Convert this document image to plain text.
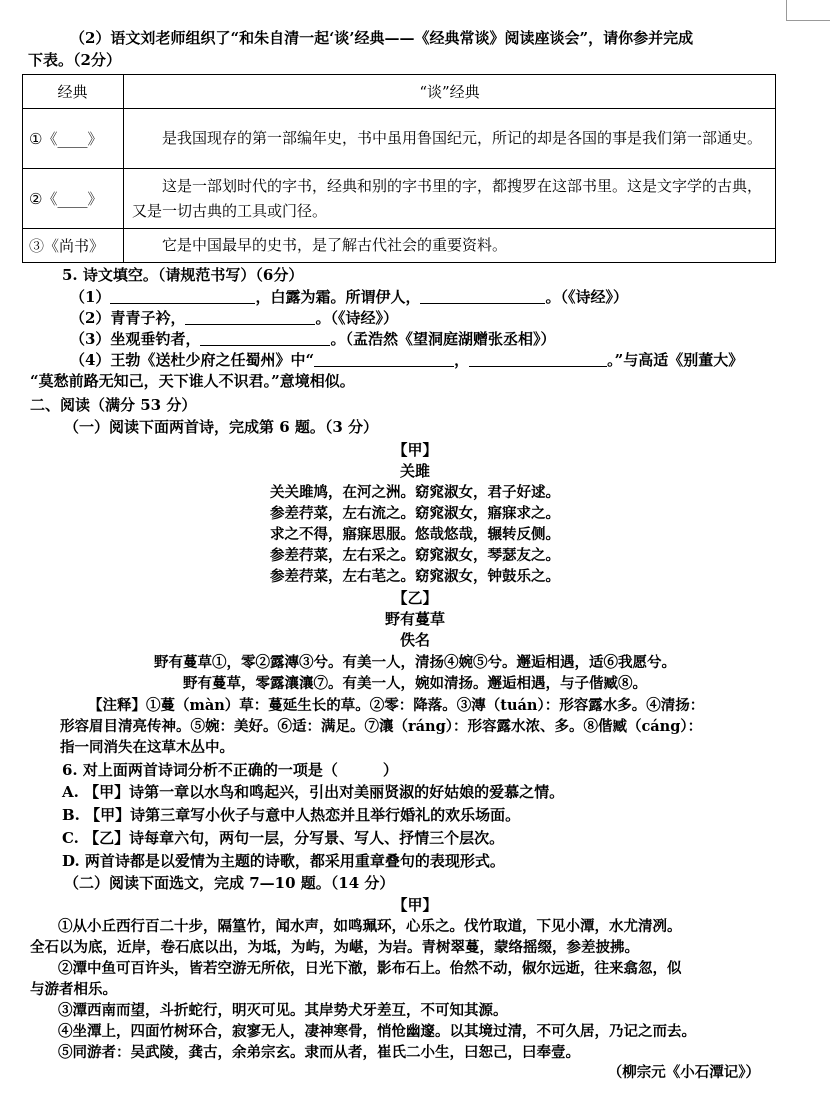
（2）语文刘老师组织了“和朱自清一起‘谈’经典——《经典常谈》阅读座谈会”，请你参并完成
下表。（2分）
经典	“谈”经典
①《____》	是我国现存的第一部编年史，书中虽用鲁国纪元，所记的却是各国的事是我们第一部通史。
②《____》	这是一部划时代的字书，经典和别的字书里的字，都搜罗在这部书里。这是文字学的古典，又是一切古典的工具或门径。
③《尚书》	它是中国最早的史书，是了解古代社会的重要资料。
5. 诗文填空。（请规范书写）（6分）
（1）	，白露为霜。所谓伊人，	。（《诗经》）
（2）青青子衿，	。（《诗经》）
（3）坐观垂钓者，	。（孟浩然《望洞庭湖赠张丞相》）
（4）王勃《送杜少府之任蜀州》中“	，	。”与高适《别董大》
“莫愁前路无知己，天下谁人不识君。”意境相似。
二、阅读（满分 53 分）
（一）阅读下面两首诗，完成第 6 题。（3 分）
【甲】
关雎
关关雎鸠，在河之洲。窈窕淑女，君子好逑。
参差荇菜，左右流之。窈窕淑女，寤寐求之。
求之不得，寤寐思服。悠哉悠哉，辗转反侧。
参差荇菜，左右采之。窈窕淑女，琴瑟友之。
参差荇菜，左右芼之。窈窕淑女，钟鼓乐之。
【乙】
野有蔓草
佚名
野有蔓草①，零②露漙③兮。有美一人，清扬④婉⑤兮。邂逅相遇，适⑥我愿兮。
野有蔓草，零露瀼瀼⑦。有美一人，婉如清扬。邂逅相遇，与子偕臧⑧。
【注释】①蔓（màn）草：蔓延生长的草。②零：降落。③漙（tuán）：形容露水多。④清扬：
形容眉目清亮传神。⑤婉：美好。⑥适：满足。⑦瀼（ráng）：形容露水浓、多。⑧偕臧（cáng）：
指一同消失在这草木丛中。
6. 对上面两首诗词分析不正确的一项是（　　　）
A. 【甲】诗第一章以水鸟和鸣起兴，引出对美丽贤淑的好姑娘的爱慕之情。
B. 【甲】诗第三章写小伙子与意中人热恋并且举行婚礼的欢乐场面。
C. 【乙】诗每章六句，两句一层，分写景、写人、抒情三个层次。
D. 两首诗都是以爱情为主题的诗歌，都采用重章叠句的表现形式。
（二）阅读下面选文，完成 7—10 题。（14 分）
【甲】
①从小丘西行百二十步，隔篁竹，闻水声，如鸣珮环，心乐之。伐竹取道，下见小潭，水尤清冽。
全石以为底，近岸，卷石底以出，为坻，为屿，为嵁，为岩。青树翠蔓，蒙络摇缀，参差披拂。
②潭中鱼可百许头，皆若空游无所依，日光下澈，影布石上。佁然不动，俶尔远逝，往来翕忽，似
与游者相乐。
③潭西南而望，斗折蛇行，明灭可见。其岸势犬牙差互，不可知其源。
④坐潭上，四面竹树环合，寂寥无人，凄神寒骨，悄怆幽邃。以其境过清，不可久居，乃记之而去。
⑤同游者：吴武陵，龚古，余弟宗玄。隶而从者，崔氏二小生，曰恕己，曰奉壹。
（柳宗元《小石潭记》）
